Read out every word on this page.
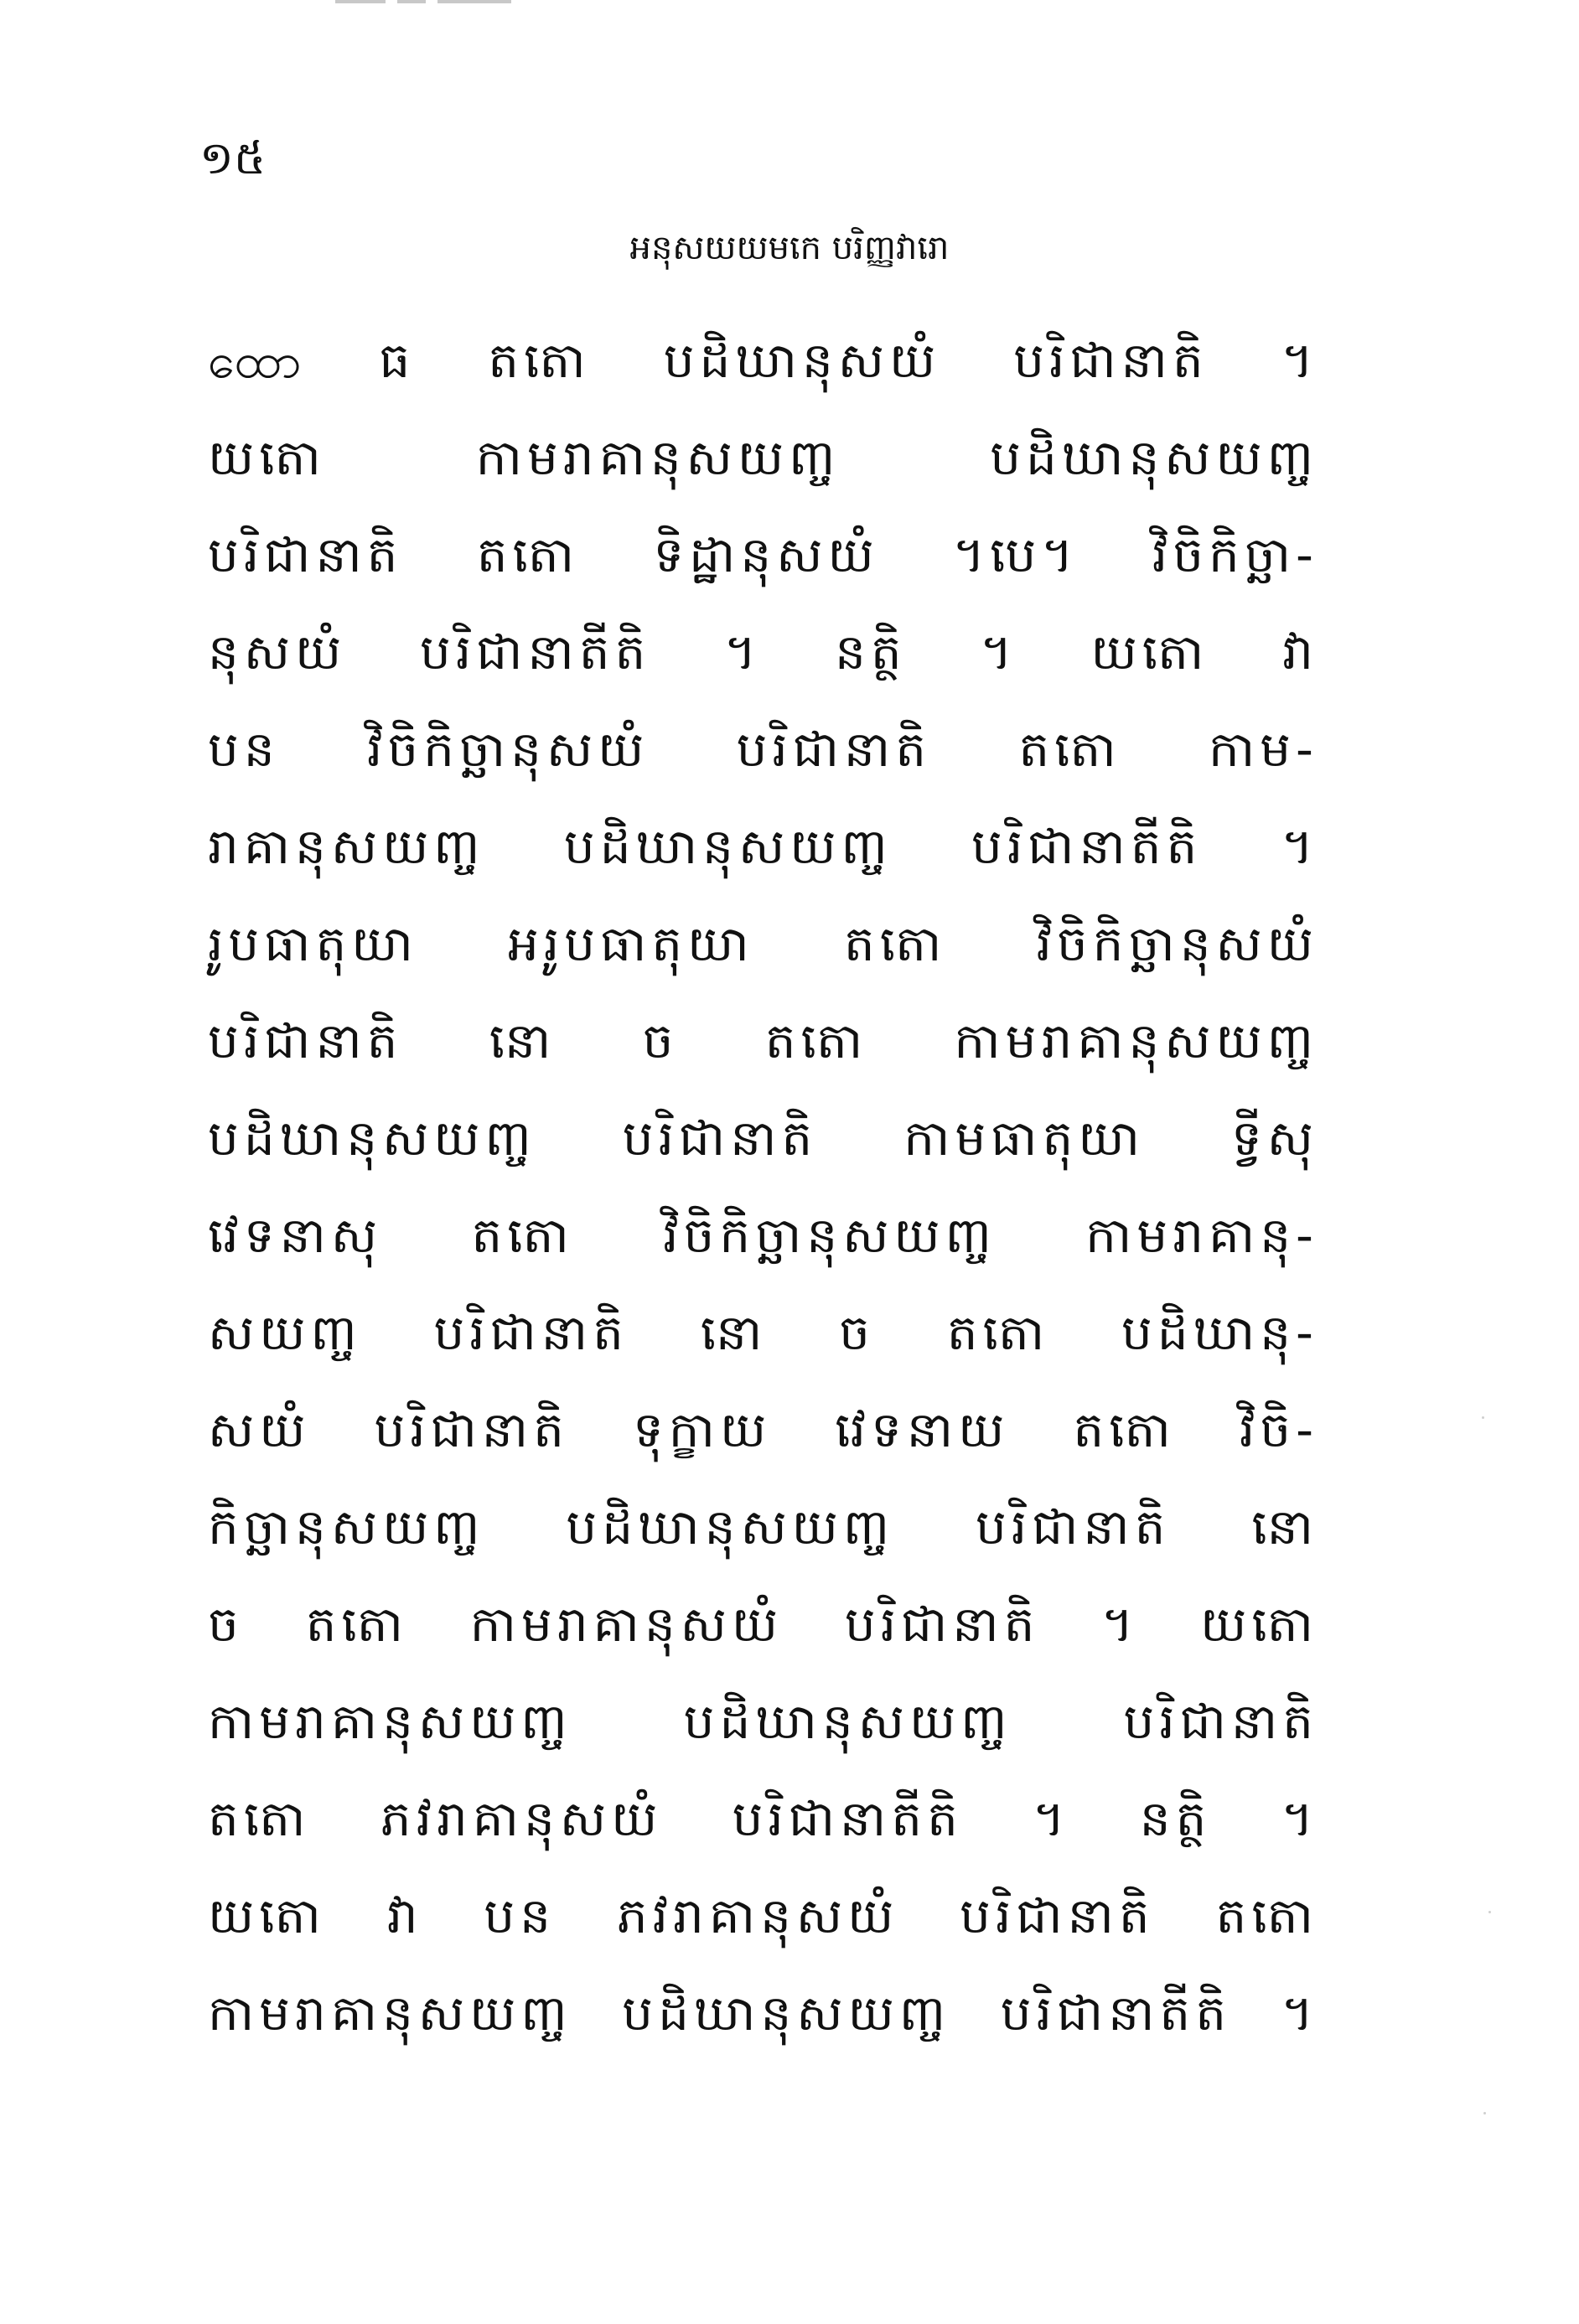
១៥
អនុសយយមកេ បរិញ្ញវារោ
ထော ធ តតោ បដិឃានុសយំ បរិជានាតិ ។
យតោ	កាមរាគានុសយញ្ច	បដិឃានុសយញ្ច
បរិជានាតិ តតោ ទិដ្ឋានុសយំ ។បេ។ វិចិកិច្ឆា-
នុសយំ បរិជានាតីតិ ។ នត្ថិ ។ យតោ វា
បន វិចិកិច្ឆានុសយំ បរិជានាតិ តតោ កាម-
រាគានុសយញ្ច បដិឃានុសយញ្ច បរិជានាតីតិ ។
រូបធាតុយា អរូបធាតុយា តតោ វិចិកិច្ឆានុសយំ
បរិជានាតិ នោ ច តតោ កាមរាគានុសយញ្ច
បដិឃានុសយញ្ច បរិជានាតិ កាមធាតុយា ទ្វីសុ
វេទនាសុ តតោ វិចិកិច្ឆានុសយញ្ច កាមរាគានុ-
សយញ្ច បរិជានាតិ នោ ច តតោ បដិឃានុ-
សយំ បរិជានាតិ ទុក្ខាយ វេទនាយ តតោ វិចិ-
កិច្ឆានុសយញ្ច បដិឃានុសយញ្ច បរិជានាតិ នោ
ច តតោ កាមរាគានុសយំ បរិជានាតិ ។ យតោ
កាមរាគានុសយញ្ច បដិឃានុសយញ្ច បរិជានាតិ
តតោ ភវរាគានុសយំ បរិជានាតីតិ ។ នត្ថិ ។
យតោ វា បន ភវរាគានុសយំ បរិជានាតិ តតោ
កាមរាគានុសយញ្ច បដិឃានុសយញ្ច បរិជានាតីតិ ។
